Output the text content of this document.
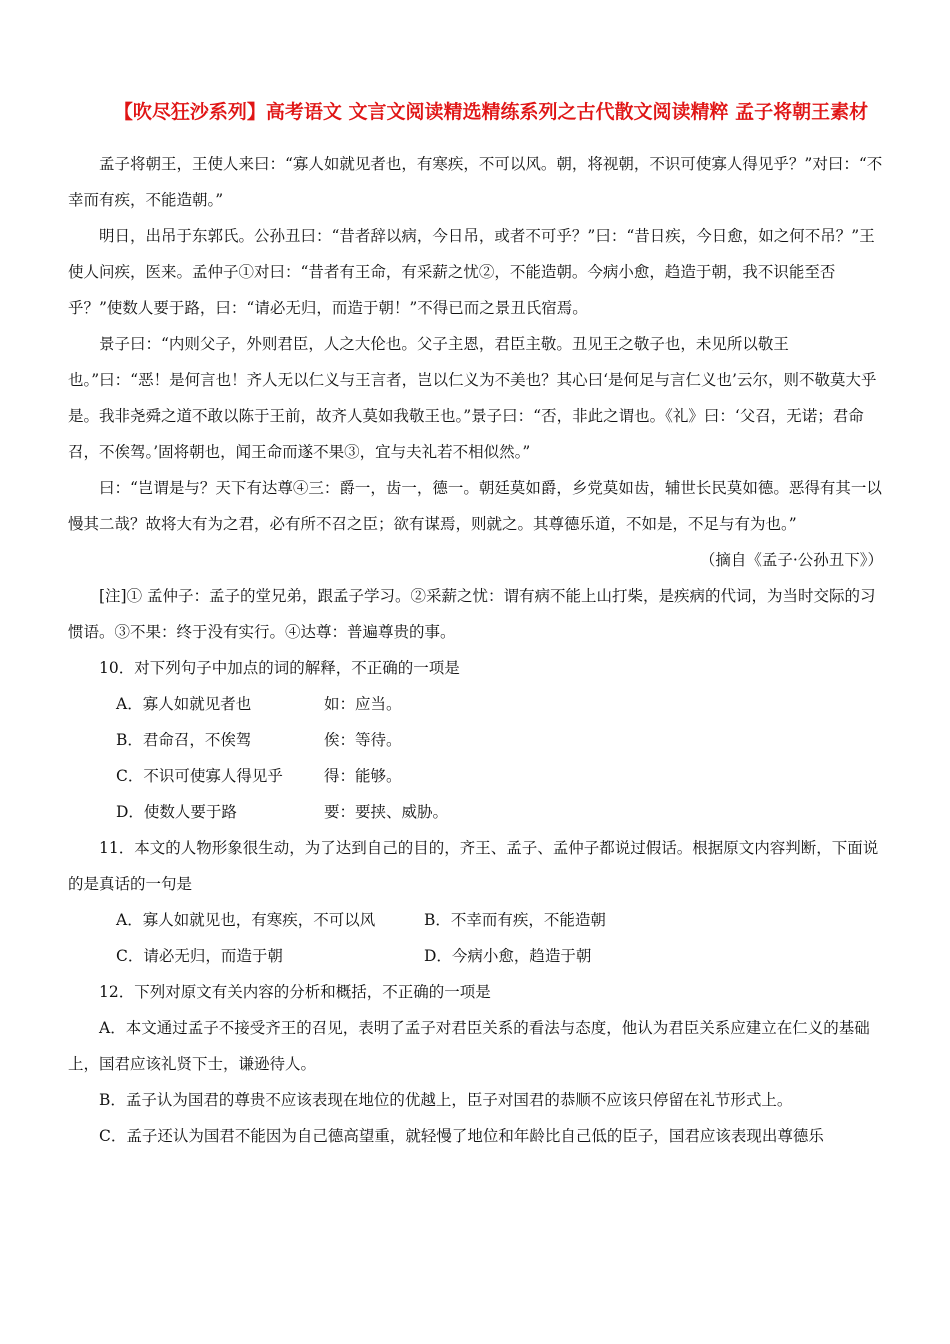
【吹尽狂沙系列】高考语文 文言文阅读精选精练系列之古代散文阅读精粹 孟子将朝王素材

孟子将朝王，王使人来曰：“寡人如就见者也，有寒疾，不可以风。朝，将视朝，不识可使寡人得见乎？”对曰：“不幸而有疾，不能造朝。”

明日，出吊于东郭氏。公孙丑曰：“昔者辞以病，今日吊，或者不可乎？”曰：“昔日疾，今日愈，如之何不吊？”王使人问疾，医来。孟仲子①对曰：“昔者有王命，有采薪之忧②，不能造朝。今病小愈，趋造于朝，我不识能至否乎？”使数人要于路，曰：“请必无归，而造于朝！”不得已而之景丑氏宿焉。

景子曰：“内则父子，外则君臣，人之大伦也。父子主恩，君臣主敬。丑见王之敬子也，未见所以敬王也。”曰：“恶！是何言也！齐人无以仁义与王言者，岂以仁义为不美也？其心曰‘是何足与言仁义也’云尔，则不敬莫大乎是。我非尧舜之道不敢以陈于王前，故齐人莫如我敬王也。”景子曰：“否，非此之谓也。《礼》曰：‘父召，无诺；君命召，不俟驾。’固将朝也，闻王命而遂不果③，宜与夫礼若不相似然。”

曰：“岂谓是与？天下有达尊④三：爵一，齿一，德一。朝廷莫如爵，乡党莫如齿，辅世长民莫如德。恶得有其一以慢其二哉？故将大有为之君，必有所不召之臣；欲有谋焉，则就之。其尊德乐道，不如是，不足与有为也。”

（摘自《孟子·公孙丑下》）

[注]① 孟仲子：孟子的堂兄弟，跟孟子学习。②采薪之忧：谓有病不能上山打柴，是疾病的代词，为当时交际的习惯语。③不果：终于没有实行。④达尊：普遍尊贵的事。

10．对下列句子中加点的词的解释，不正确的一项是

A．寡人如就见者也	如：应当。
B．君命召，不俟驾	俟：等待。
C．不识可使寡人得见乎	得：能够。
D．使数人要于路	要：要挟、威胁。

11．本文的人物形象很生动，为了达到自己的目的，齐王、孟子、孟仲子都说过假话。根据原文内容判断，下面说的是真话的一句是

A．寡人如就见也，有寒疾，不可以风	B．不幸而有疾，不能造朝
C．请必无归，而造于朝	D．今病小愈，趋造于朝

12．下列对原文有关内容的分析和概括，不正确的一项是

A．本文通过孟子不接受齐王的召见，表明了孟子对君臣关系的看法与态度，他认为君臣关系应建立在仁义的基础上，国君应该礼贤下士，谦逊待人。

B．孟子认为国君的尊贵不应该表现在地位的优越上，臣子对国君的恭顺不应该只停留在礼节形式上。

C．孟子还认为国君不能因为自己德高望重，就轻慢了地位和年龄比自己低的臣子，国君应该表现出尊德乐
